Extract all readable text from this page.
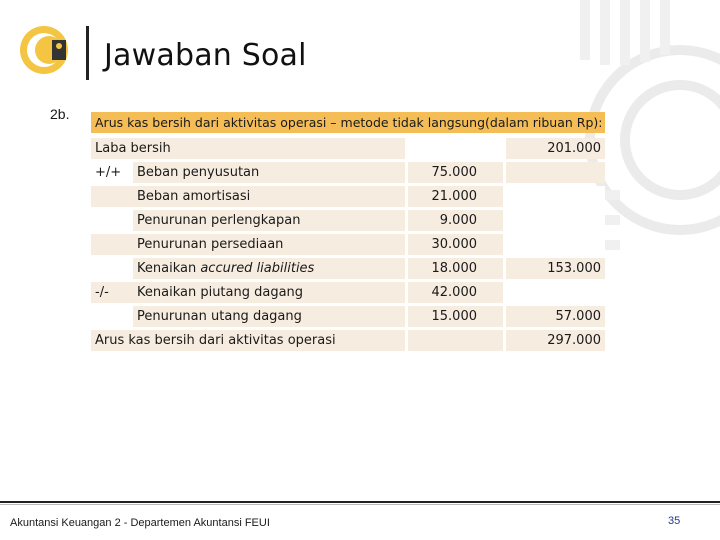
Jawaban Soal
2b.
Arus kas bersih dari aktivitas operasi – metode tidak langsung(dalam ribuan Rp):
Laba bersih					201.000
+/+	Beban penyusutan		75.000		
	Beban amortisasi		21.000		
	Penurunan perlengkapan		9.000		
	Penurunan persediaan		30.000		
	Kenaikan accured liabilities		18.000		153.000
-/-	Kenaikan piutang dagang		42.000		
	Penurunan utang dagang		15.000		57.000
Arus kas bersih dari aktivitas operasi					297.000
Akuntansi Keuangan 2 - Departemen Akuntansi FEUI	35
